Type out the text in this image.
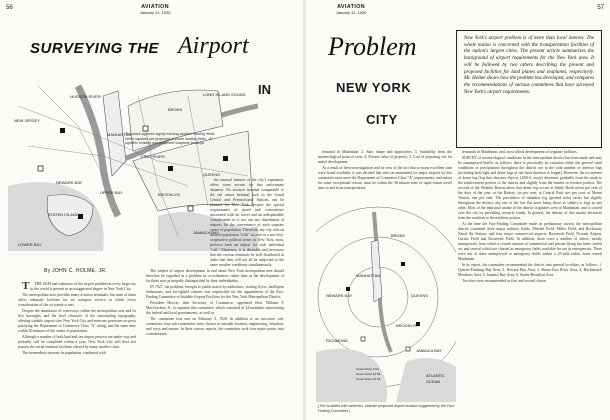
56	AVIATION
January 11, 1930
SURVEYING THE Airport
IN
NEW JERSEY
MANHATTAN
BRONX
QUEENS
BROOKLYN
STATEN ISLAND
HUDSON RIVER
EAST RIVER
LONG ISLAND SOUND
JAMAICA BAY
NEWARK BAY
UPPER BAY
LOWER BAY
The black squares signify existing airplane landing fields. White squares are proposed airplane landing fields. "A" signifies existing and proposed seaplane landings
By JOHN C. HOLME, JR.

T THE SUM and substance of the airport problem in every large city in the world is present in an exaggerated degree in New York City.

The metropolitan area provides many aviation terminals, but none of them offers adequate facilities for air transport service in which every consideration of the air transit is met.

Despite the abundance of waterways within the metropolitan area and its five boroughs, and the level character of the surrounding topography, offering suitable airport sites New York City and environs possesses no ports justifying the Department of Commerce Class "A" rating, and the same time within 30 minutes of the center of population.

Although a number of both land and sea airport projects are under way and probably will be completed within a year, New York City still does not possess the aerial terminal facilities offered by many smaller cities.

The tremendous increase in population, combined with

the unusual features of the city's expansion, offers some excuse for this unfortunate situation. No aviation terminal comparable to the rail center terminal such as the Grand Central and Pennsylvania Stations can be planned for New York because the special requirements of speed and convenience associated with air travel and an indispensable consideration in it; nor can any distribution of airports for the convenience of each separate center of population. Therefore, any city with an assured population "rolls" its own in a not-very-cooperative political sense; in New York, most, perforce have an airport for each individual "coll." Moreover, it is desirable and necessary that the various terminals be well distributed in order that they will not all be subjected to the same weather conditions simultaneously.

The subject of airport development in and about New York metropolitan area should therefore be regarded as a problem in co-ordination, rather than as the development of facilities now principally distinguished by their individuality.

IN 1927, the problem, brought to public notice by authorities, visiting flyers, intelligent enthusiasts, and far-sighted citizens was responsible for the appointment of the Fact-Finding Committee of Suitable Airport Facilities for the New York Metropolitan District.

President Hoover, then Secretary of Commerce, appointed Hon. William P. MacCracken, Jr., to organize this committee, which consisted of 24 members representing the federal and local governments, as well as

The committee first met on February 3, 1928. In addition to an executive sub-committee, four sub-committees were chosen to consider location, engineering, valuation, and ways and means. In their various reports, the committee took four major points into consideration.

57
AVIATION
January 11, 1930
Problem
NEW YORK
CITY
New York's airport problem is of more than local interest. The whole nation is concerned with the transportation facilities of the nation's largest cities. The present article summarizes the background of airport requirements for the New York area. It will be followed by two others describing the present and proposed facilities for land planes and seaplanes, respectively. Mr. Holme shows how the problem has developed, and compares the recommendations of various committees that have surveyed New York's airport requirements.

terminal in Manhattan. 2. Size, shape and approaches. 3. Suitability from the meteorological point of view. 4. Present value of property. 5. Cost of preparing site for initial development.

As a result of these investigations and in view of the fact that so many excellent sites were found available, it was decided that sites recommended for major airports by this committee must meet the Department of Commerce Class "A" requirements, and unless for some exceptional reason, must be within the 30-minute zone of rapid transit travel time to and from transportation

terminals in Manhattan, and, most afford development of seaplane facilities.

SURVEY of meteorological conditions in the metropolitan district has been made and may be summarized briefly as follows: there is practically no variation either the general wind conditions or precipitation throughout the district nor in the total number of adverse fogs (including both light and dense fogs of one hour duration or longer). However, the occurrence of dense fog (fog that obscures objects 1,000 ft. away) decreases gradually from the north to the southwestern portion of the district and slightly from the eastern to western portion. The records of the Weather Bureau show that dense fog occurs at Sandy Hook seven per cent of the days of the year; at the Battery, six per cent; at Central Park two per cent; at Mount Vernon, one per cent. The prevalence of radiation fog (ground mist) varies but slightly throughout the district, any one of the low flat areas being about as subject to fogs as any other. Most of the industrial smoke in the district originates west of Manhattan, and is carried over the city by prevailing westerly winds. In general, the density of this smoke decreases from the southern to the northern portion.

At the time the Fact-Finding Committee made its preliminary survey, the metropolitan district contained three major military fields: Mitchel Field, Miller Field, and Rockaway Naval Air Station; and four major commercial airports: Roosevelt Field, Newark Airport, Curtiss Field and Roosevelt Field. In addition, there were a number of others, mostly unimproved, from which a certain amount of commercial and private flying has been carried on, and several which are charted as emergency fields available for use in emergencies. There were ten of these unimproved or emergency fields within a 25-mile radius from central Manhattan.

In its report, the committee recommended the district into general localities, as follows: 1. Queens-Flushing Bay Area; 2. Newark Bay Area; 3. Bronx-East River Area; 4. Hackensack Meadows Area; 5. Jamaica Bay Area; 6. Staten-Brooklyn Area.

Ten sites were recommended as first and second choice

BRONX
MANHATTAN
QUEENS
BROOKLYN
RICHMOND
JAMAICA BAY
ATLANTIC
OCEAN
NEWARK BAY
Great Circle 5 Mi.
Great Circle 10 Mi.
Great Circle 15 Mi.
(The localities with asterisks, indicate proposed airport location suggested by the Fact-Finding Committee.)
